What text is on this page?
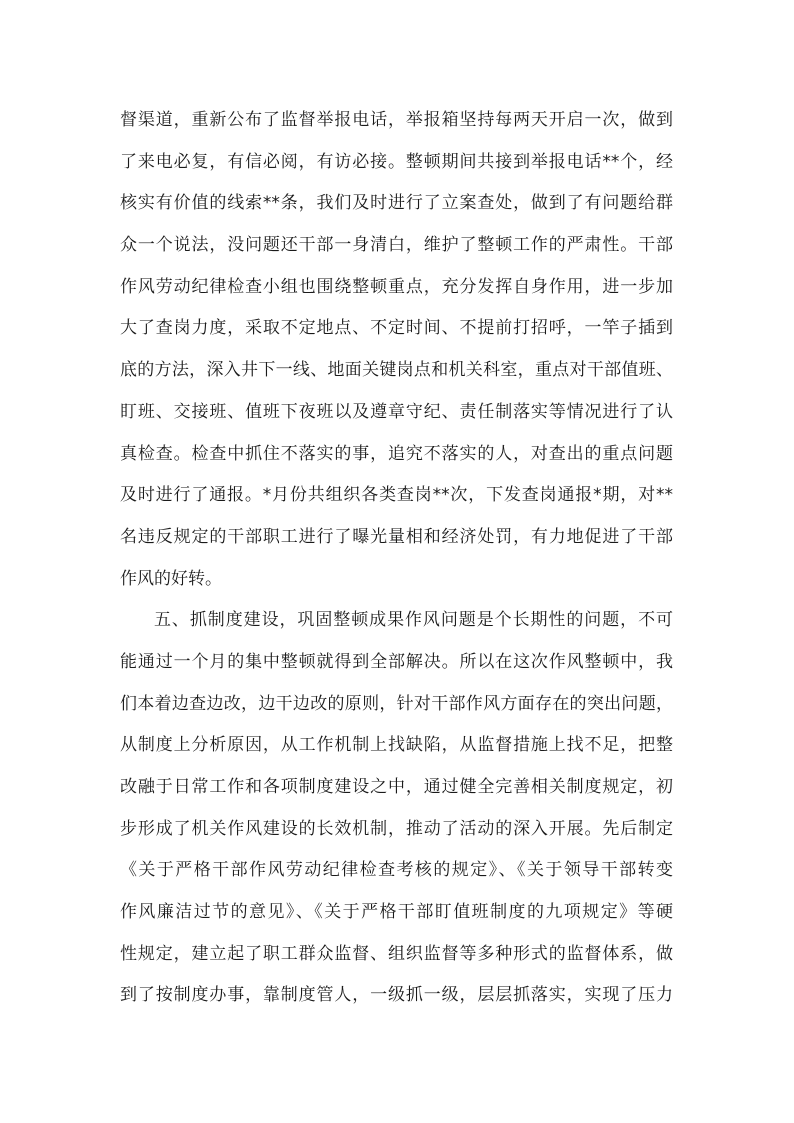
督渠道，重新公布了监督举报电话，举报箱坚持每两天开启一次，做到
了来电必复，有信必阅，有访必接。整顿期间共接到举报电话**个，经
核实有价值的线索**条，我们及时进行了立案查处，做到了有问题给群
众一个说法，没问题还干部一身清白，维护了整顿工作的严肃性。干部
作风劳动纪律检查小组也围绕整顿重点，充分发挥自身作用，进一步加
大了查岗力度，采取不定地点、不定时间、不提前打招呼，一竿子插到
底的方法，深入井下一线、地面关键岗点和机关科室，重点对干部值班、
盯班、交接班、值班下夜班以及遵章守纪、责任制落实等情况进行了认
真检查。检查中抓住不落实的事，追究不落实的人，对查出的重点问题
及时进行了通报。*月份共组织各类查岗**次，下发查岗通报*期，对**
名违反规定的干部职工进行了曝光量相和经济处罚，有力地促进了干部
作风的好转。
五、抓制度建设，巩固整顿成果作风问题是个长期性的问题，不可
能通过一个月的集中整顿就得到全部解决。所以在这次作风整顿中，我
们本着边查边改，边干边改的原则，针对干部作风方面存在的突出问题，
从制度上分析原因，从工作机制上找缺陷，从监督措施上找不足，把整
改融于日常工作和各项制度建设之中，通过健全完善相关制度规定，初
步形成了机关作风建设的长效机制，推动了活动的深入开展。先后制定
《关于严格干部作风劳动纪律检查考核的规定》、《关于领导干部转变
作风廉洁过节的意见》、《关于严格干部盯值班制度的九项规定》等硬
性规定，建立起了职工群众监督、组织监督等多种形式的监督体系，做
到了按制度办事，靠制度管人，一级抓一级，层层抓落实，实现了压力
